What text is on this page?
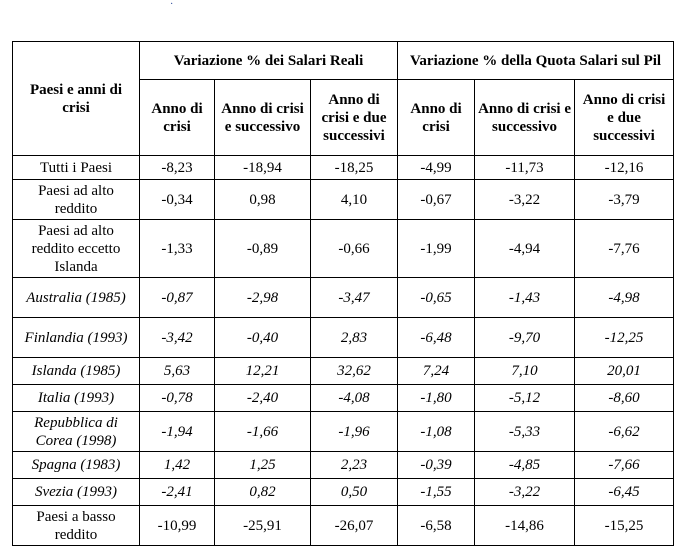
·
Paesi e anni di crisi	Variazione % dei Salari Reali			Variazione % della Quota Salari sul Pil		
	Anno di crisi	Anno di crisi e successivo	Anno di crisi e due successivi	Anno di crisi	Anno di crisi e successivo	Anno di crisi e due successivi
Tutti i Paesi	-8,23	-18,94	-18,25	-4,99	-11,73	-12,16
Paesi ad alto reddito	-0,34	0,98	4,10	-0,67	-3,22	-3,79
Paesi ad alto reddito eccetto Islanda	-1,33	-0,89	-0,66	-1,99	-4,94	-7,76
Australia (1985)	-0,87	-2,98	-3,47	-0,65	-1,43	-4,98
Finlandia (1993)	-3,42	-0,40	2,83	-6,48	-9,70	-12,25
Islanda (1985)	5,63	12,21	32,62	7,24	7,10	20,01
Italia (1993)	-0,78	-2,40	-4,08	-1,80	-5,12	-8,60
Repubblica di Corea (1998)	-1,94	-1,66	-1,96	-1,08	-5,33	-6,62
Spagna (1983)	1,42	1,25	2,23	-0,39	-4,85	-7,66
Svezia (1993)	-2,41	0,82	0,50	-1,55	-3,22	-6,45
Paesi a basso reddito	-10,99	-25,91	-26,07	-6,58	-14,86	-15,25
